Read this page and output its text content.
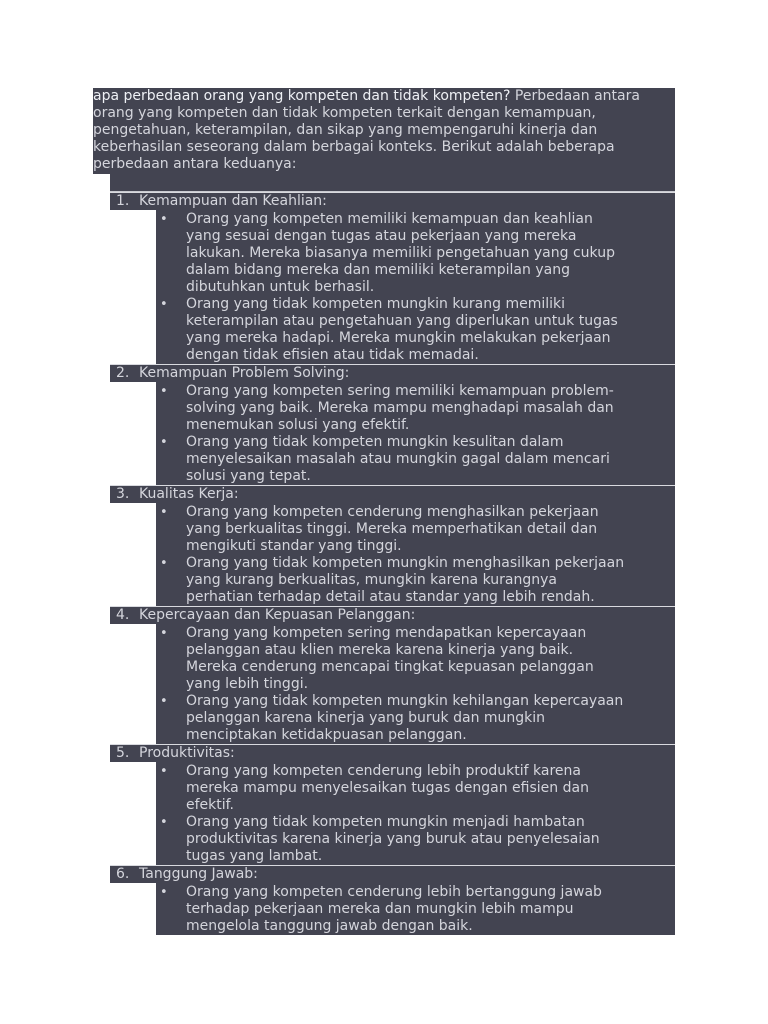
apa perbedaan orang yang kompeten dan tidak kompeten? Perbedaan antara
orang yang kompeten dan tidak kompeten terkait dengan kemampuan,
pengetahuan, keterampilan, dan sikap yang mempengaruhi kinerja dan
keberhasilan seseorang dalam berbagai konteks. Berikut adalah beberapa
perbedaan antara keduanya:
1. Kemampuan dan Keahlian:
• Orang yang kompeten memiliki kemampuan dan keahlian
yang sesuai dengan tugas atau pekerjaan yang mereka
lakukan. Mereka biasanya memiliki pengetahuan yang cukup
dalam bidang mereka dan memiliki keterampilan yang
dibutuhkan untuk berhasil.
• Orang yang tidak kompeten mungkin kurang memiliki
keterampilan atau pengetahuan yang diperlukan untuk tugas
yang mereka hadapi. Mereka mungkin melakukan pekerjaan
dengan tidak efisien atau tidak memadai.
2. Kemampuan Problem Solving:
• Orang yang kompeten sering memiliki kemampuan problem-
solving yang baik. Mereka mampu menghadapi masalah dan
menemukan solusi yang efektif.
• Orang yang tidak kompeten mungkin kesulitan dalam
menyelesaikan masalah atau mungkin gagal dalam mencari
solusi yang tepat.
3. Kualitas Kerja:
• Orang yang kompeten cenderung menghasilkan pekerjaan
yang berkualitas tinggi. Mereka memperhatikan detail dan
mengikuti standar yang tinggi.
• Orang yang tidak kompeten mungkin menghasilkan pekerjaan
yang kurang berkualitas, mungkin karena kurangnya
perhatian terhadap detail atau standar yang lebih rendah.
4. Kepercayaan dan Kepuasan Pelanggan:
• Orang yang kompeten sering mendapatkan kepercayaan
pelanggan atau klien mereka karena kinerja yang baik.
Mereka cenderung mencapai tingkat kepuasan pelanggan
yang lebih tinggi.
• Orang yang tidak kompeten mungkin kehilangan kepercayaan
pelanggan karena kinerja yang buruk dan mungkin
menciptakan ketidakpuasan pelanggan.
5. Produktivitas:
• Orang yang kompeten cenderung lebih produktif karena
mereka mampu menyelesaikan tugas dengan efisien dan
efektif.
• Orang yang tidak kompeten mungkin menjadi hambatan
produktivitas karena kinerja yang buruk atau penyelesaian
tugas yang lambat.
6. Tanggung Jawab:
• Orang yang kompeten cenderung lebih bertanggung jawab
terhadap pekerjaan mereka dan mungkin lebih mampu
mengelola tanggung jawab dengan baik.
